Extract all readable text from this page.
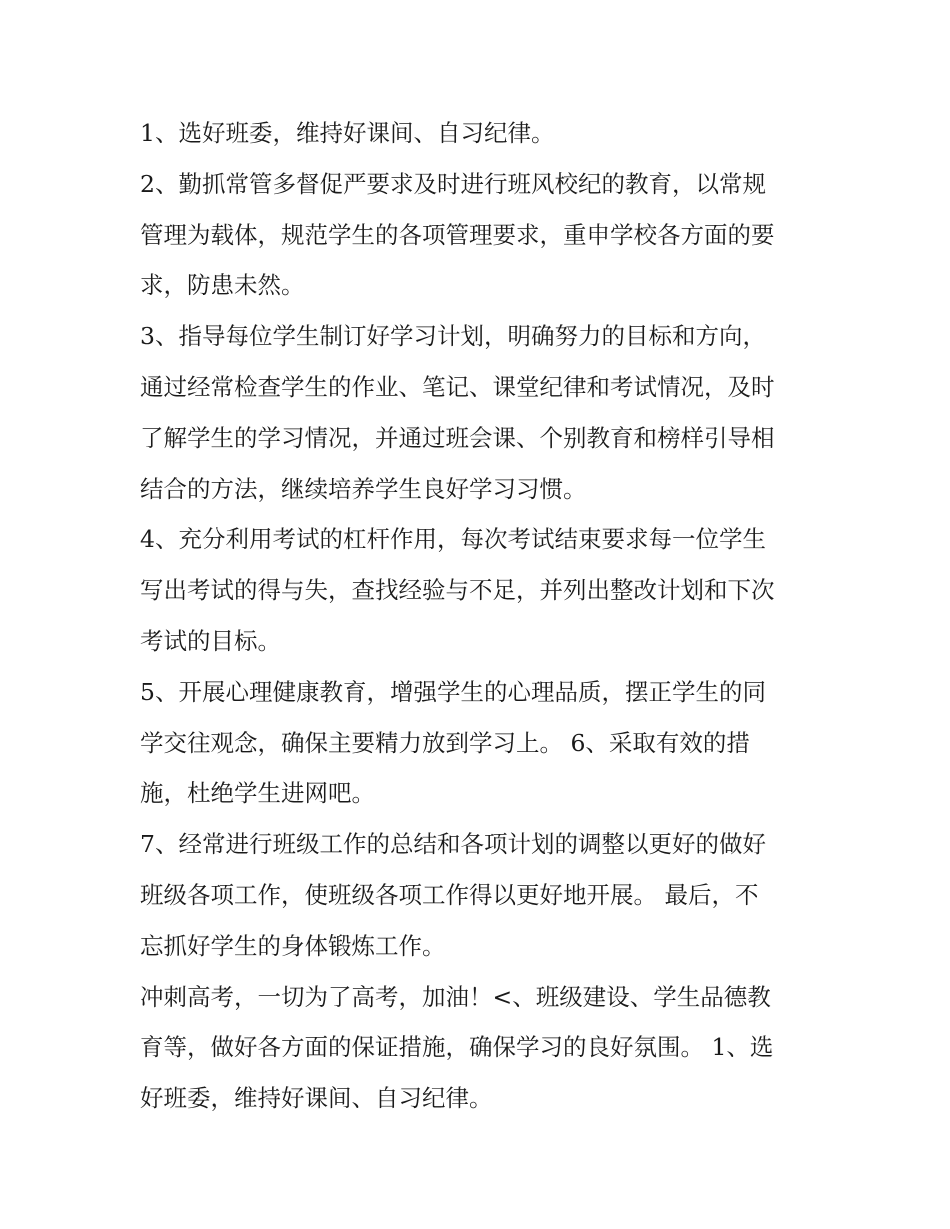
1、选好班委，维持好课间、自习纪律。

2、勤抓常管多督促严要求及时进行班风校纪的教育，以常规
管理为载体，规范学生的各项管理要求，重申学校各方面的要
求，防患未然。

3、指导每位学生制订好学习计划，明确努力的目标和方向，
通过经常检查学生的作业、笔记、课堂纪律和考试情况，及时
了解学生的学习情况，并通过班会课、个别教育和榜样引导相
结合的方法，继续培养学生良好学习习惯。

4、充分利用考试的杠杆作用，每次考试结束要求每一位学生
写出考试的得与失，查找经验与不足，并列出整改计划和下次
考试的目标。

5、开展心理健康教育，增强学生的心理品质，摆正学生的同
学交往观念，确保主要精力放到学习上。 6、采取有效的措
施，杜绝学生进网吧。

7、经常进行班级工作的总结和各项计划的调整以更好的做好
班级各项工作，使班级各项工作得以更好地开展。 最后，不
忘抓好学生的身体锻炼工作。

冲刺高考，一切为了高考，加油！<、班级建设、学生品德教
育等，做好各方面的保证措施，确保学习的良好氛围。 1、选
好班委，维持好课间、自习纪律。
